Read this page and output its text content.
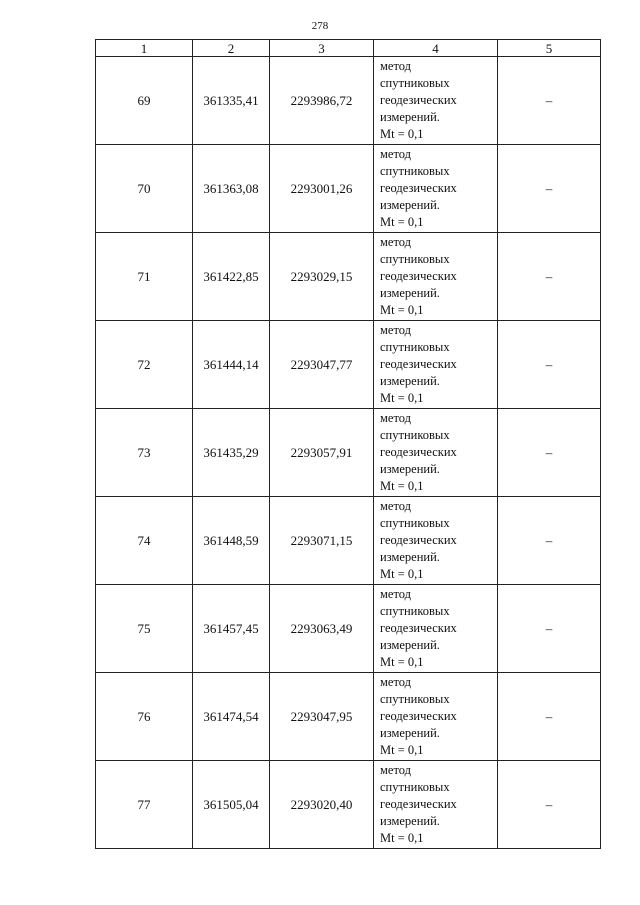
278
1	2	3	4	5
69	361335,41	2293986,72	метод
спутниковых
геодезических
измерений.
Mt = 0,1	–
70	361363,08	2293001,26	метод
спутниковых
геодезических
измерений.
Mt = 0,1	–
71	361422,85	2293029,15	метод
спутниковых
геодезических
измерений.
Mt = 0,1	–
72	361444,14	2293047,77	метод
спутниковых
геодезических
измерений.
Mt = 0,1	–
73	361435,29	2293057,91	метод
спутниковых
геодезических
измерений.
Mt = 0,1	–
74	361448,59	2293071,15	метод
спутниковых
геодезических
измерений.
Mt = 0,1	–
75	361457,45	2293063,49	метод
спутниковых
геодезических
измерений.
Mt = 0,1	–
76	361474,54	2293047,95	метод
спутниковых
геодезических
измерений.
Mt = 0,1	–
77	361505,04	2293020,40	метод
спутниковых
геодезических
измерений.
Mt = 0,1	–
